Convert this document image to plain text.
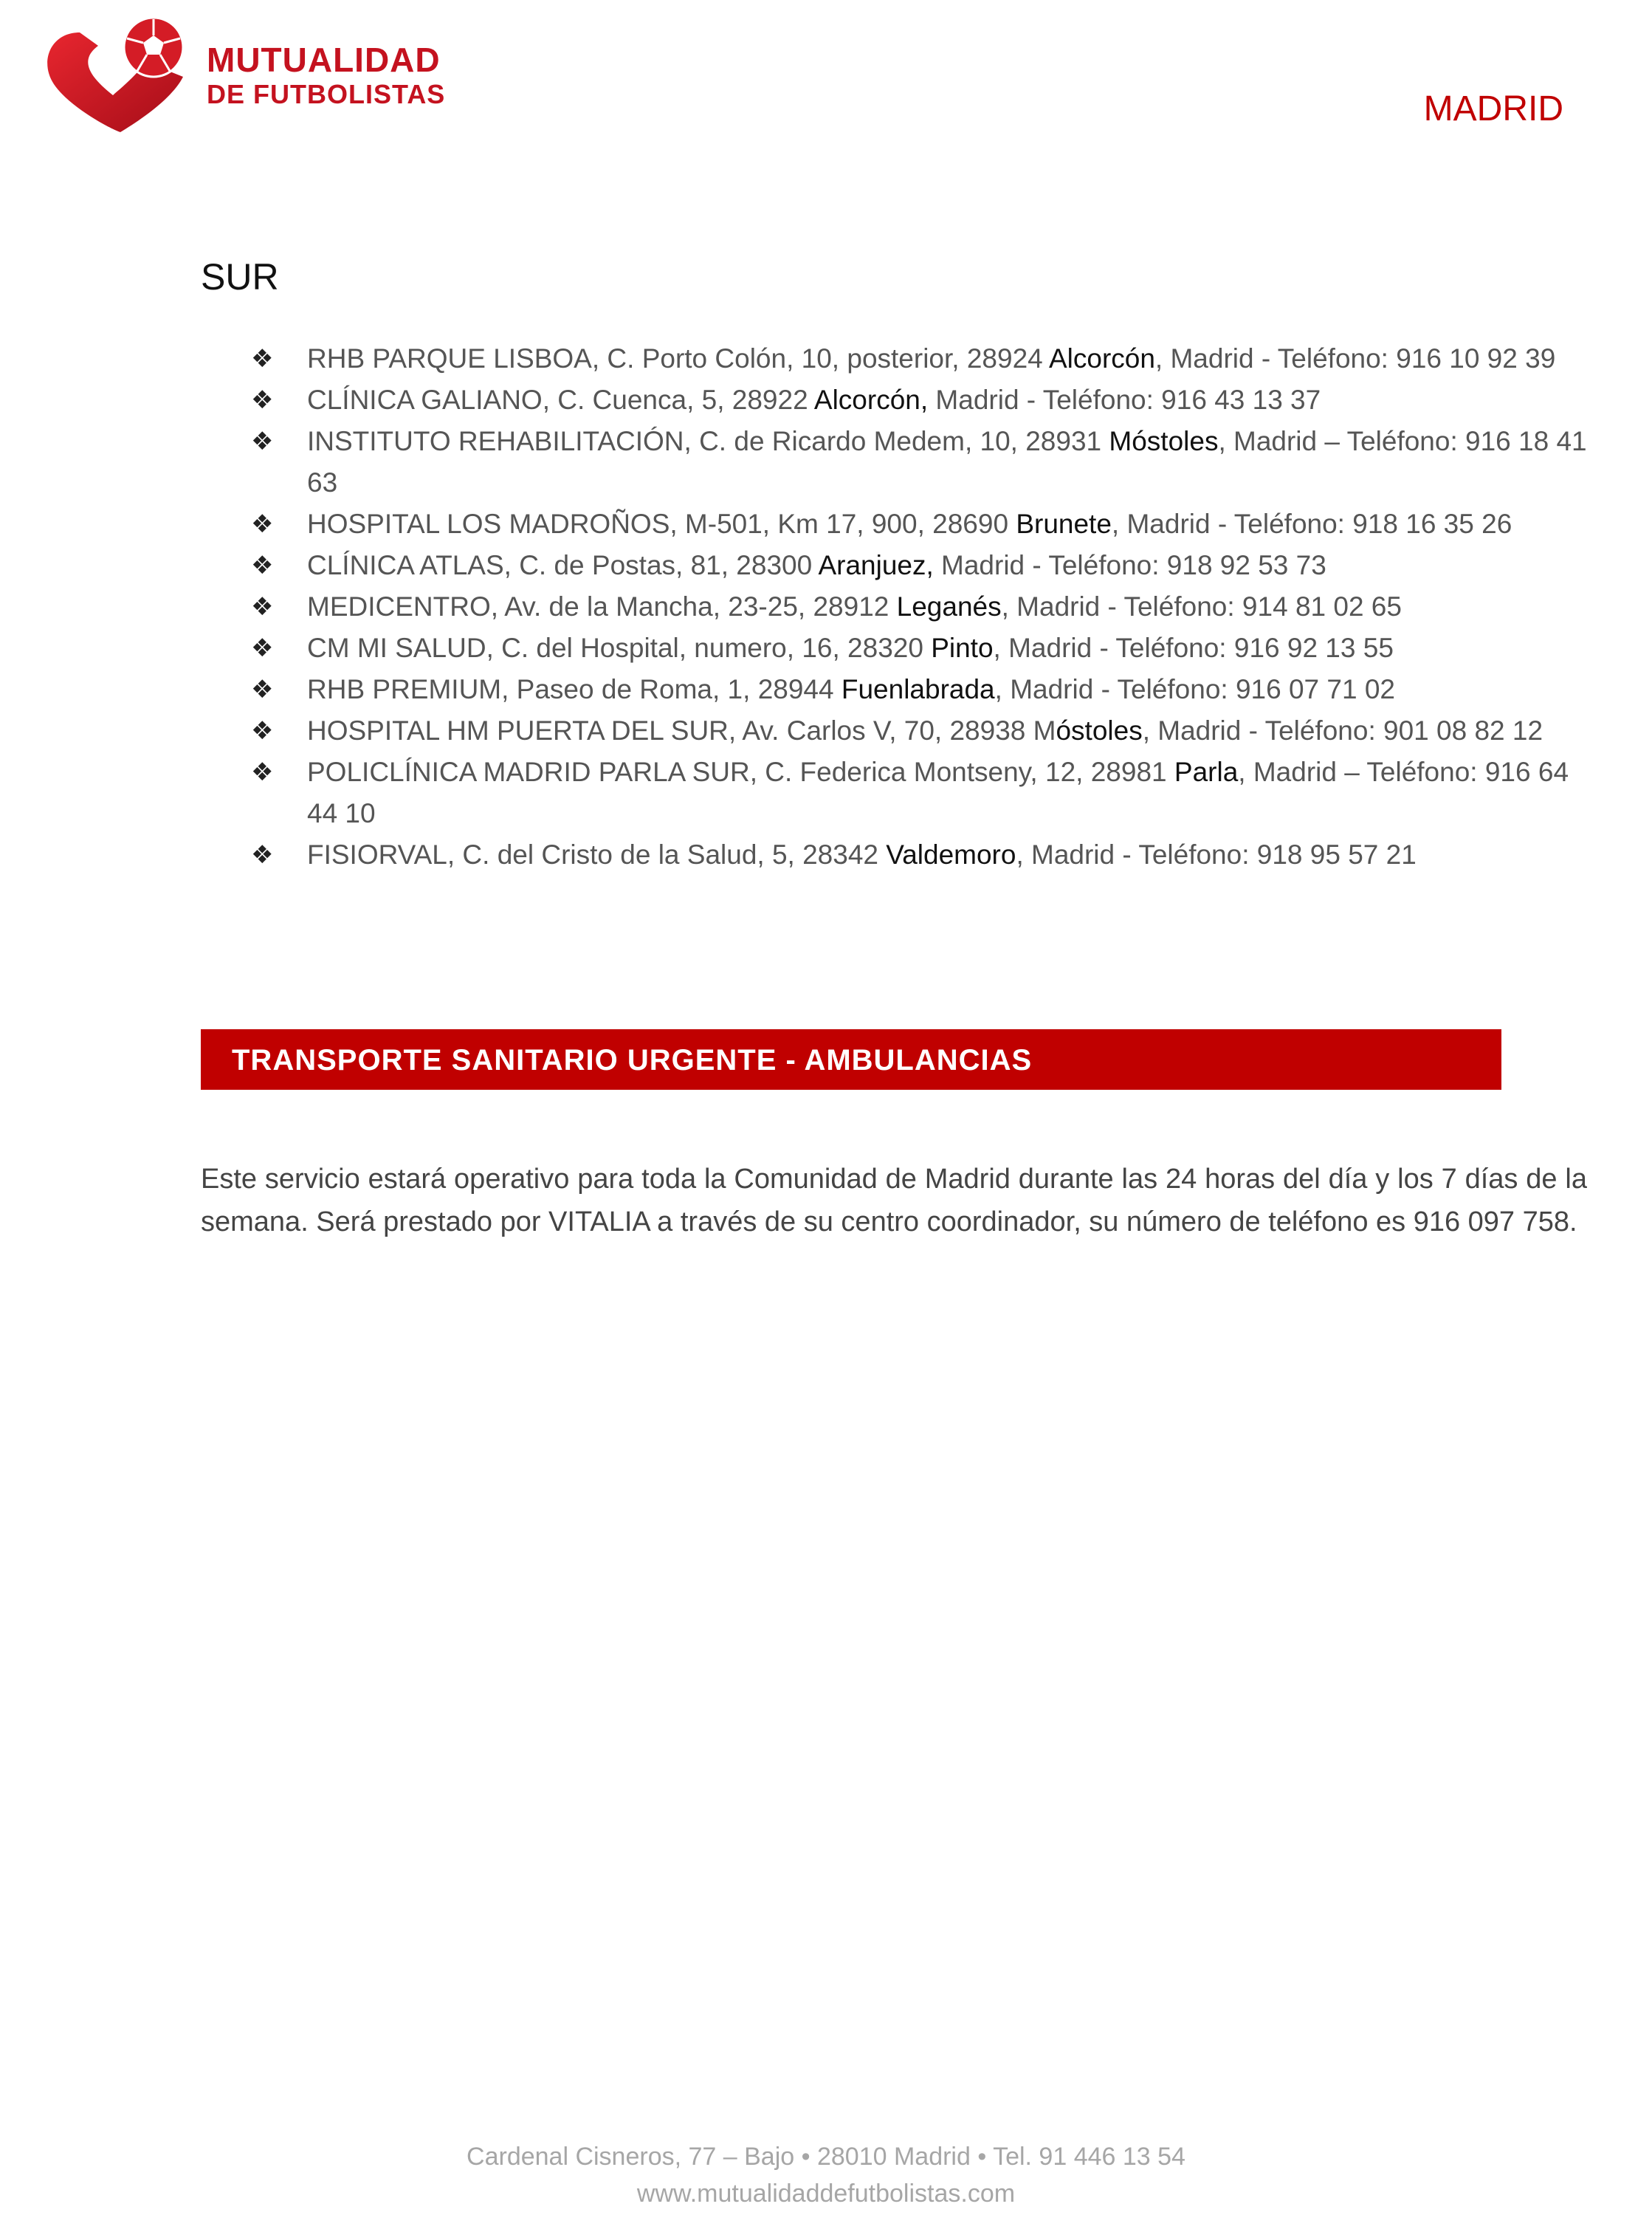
MUTUALIDAD
DE FUTBOLISTAS	MADRID
SUR
❖ RHB PARQUE LISBOA, C. Porto Colón, 10, posterior, 28924 Alcorcón, Madrid - Teléfono: 916 10 92 39
❖ CLÍNICA GALIANO, C. Cuenca, 5, 28922 Alcorcón, Madrid - Teléfono: 916 43 13 37
❖ INSTITUTO REHABILITACIÓN, C. de Ricardo Medem, 10, 28931 Móstoles, Madrid – Teléfono: 916 18 41 63
❖ HOSPITAL LOS MADROÑOS, M-501, Km 17, 900, 28690 Brunete, Madrid - Teléfono: 918 16 35 26
❖ CLÍNICA ATLAS, C. de Postas, 81, 28300 Aranjuez, Madrid - Teléfono: 918 92 53 73
❖ MEDICENTRO, Av. de la Mancha, 23-25, 28912 Leganés, Madrid - Teléfono: 914 81 02 65
❖ CM MI SALUD, C. del Hospital, numero, 16, 28320 Pinto, Madrid - Teléfono: 916 92 13 55
❖ RHB PREMIUM, Paseo de Roma, 1, 28944 Fuenlabrada, Madrid - Teléfono: 916 07 71 02
❖ HOSPITAL HM PUERTA DEL SUR, Av. Carlos V, 70, 28938 Móstoles, Madrid - Teléfono: 901 08 82 12
❖ POLICLÍNICA MADRID PARLA SUR, C. Federica Montseny, 12, 28981 Parla, Madrid – Teléfono: 916 64 44 10
❖ FISIORVAL, C. del Cristo de la Salud, 5, 28342 Valdemoro, Madrid - Teléfono: 918 95 57 21
TRANSPORTE SANITARIO URGENTE - AMBULANCIAS

Este servicio estará operativo para toda la Comunidad de Madrid durante las 24 horas del día y los 7 días de la semana. Será prestado por VITALIA a través de su centro coordinador, su número de teléfono es 916 097 758.

Cardenal Cisneros, 77 – Bajo • 28010 Madrid • Tel. 91 446 13 54
www.mutualidaddefutbolistas.com
